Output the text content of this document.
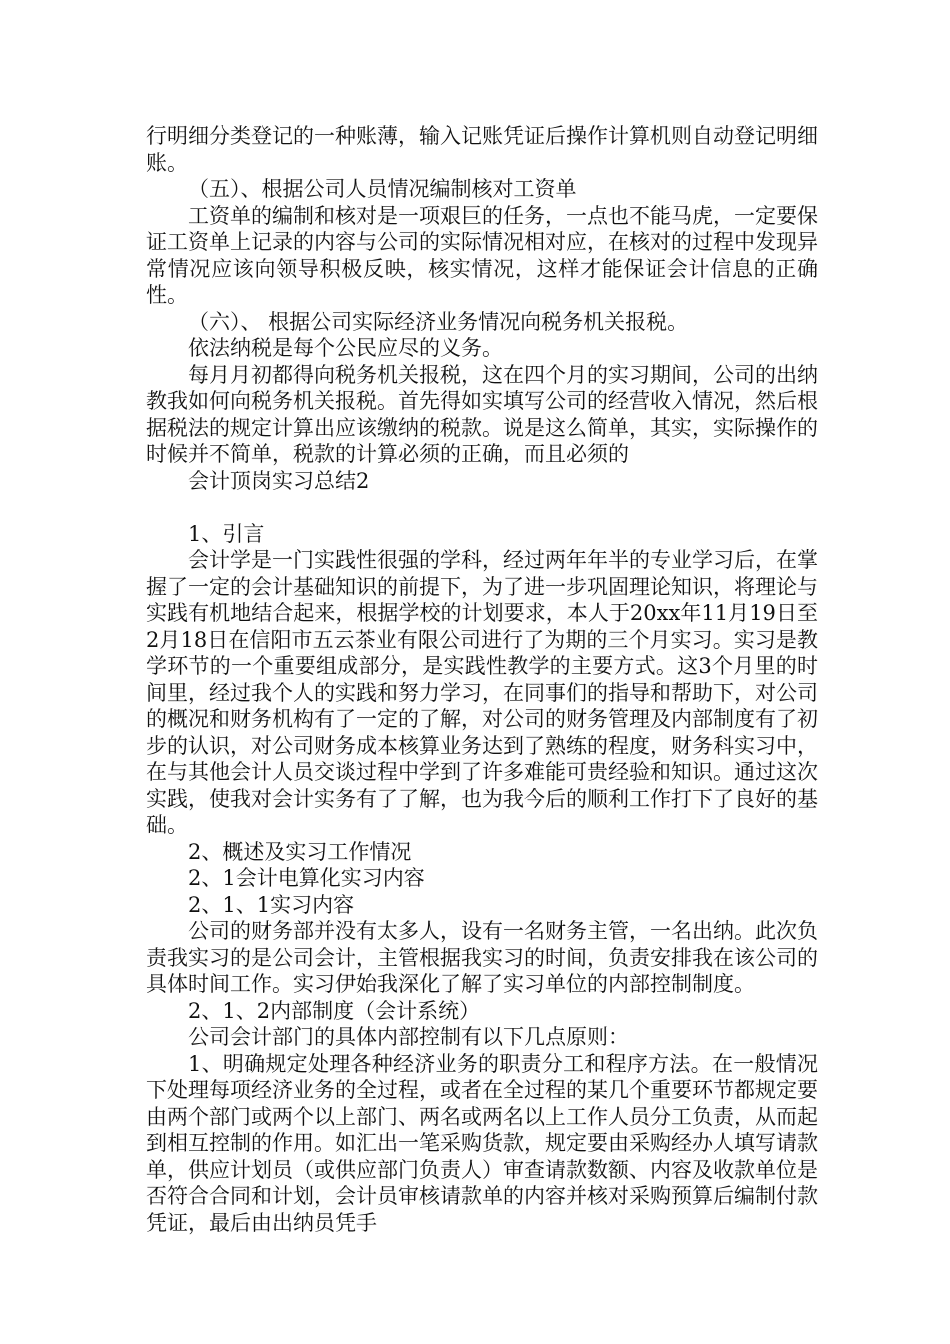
行明细分类登记的一种账薄，输入记账凭证后操作计算机则自动登记明细账。

（五）、根据公司人员情况编制核对工资单

工资单的编制和核对是一项艰巨的任务，一点也不能马虎，一定要保证工资单上记录的内容与公司的实际情况相对应，在核对的过程中发现异常情况应该向领导积极反映，核实情况，这样才能保证会计信息的正确性。

（六）、 根据公司实际经济业务情况向税务机关报税。

依法纳税是每个公民应尽的义务。

每月月初都得向税务机关报税，这在四个月的实习期间，公司的出纳教我如何向税务机关报税。首先得如实填写公司的经营收入情况，然后根据税法的规定计算出应该缴纳的税款。说是这么简单，其实，实际操作的时候并不简单，税款的计算必须的正确，而且必须的

会计顶岗实习总结2

1、引言

会计学是一门实践性很强的学科，经过两年年半的专业学习后，在掌握了一定的会计基础知识的前提下，为了进一步巩固理论知识，将理论与实践有机地结合起来，根据学校的计划要求，本人于20xx年11月19日至2月18日在信阳市五云茶业有限公司进行了为期的三个月实习。实习是教学环节的一个重要组成部分，是实践性教学的主要方式。这3个月里的时间里，经过我个人的实践和努力学习，在同事们的指导和帮助下，对公司的概况和财务机构有了一定的了解，对公司的财务管理及内部制度有了初步的认识，对公司财务成本核算业务达到了熟练的程度，财务科实习中，在与其他会计人员交谈过程中学到了许多难能可贵经验和知识。通过这次实践，使我对会计实务有了了解，也为我今后的顺利工作打下了良好的基础。

2、概述及实习工作情况

2、1会计电算化实习内容

2、1、1实习内容

公司的财务部并没有太多人，设有一名财务主管，一名出纳。此次负责我实习的是公司会计，主管根据我实习的时间，负责安排我在该公司的具体时间工作。实习伊始我深化了解了实习单位的内部控制制度。

2、1、2内部制度（会计系统）

公司会计部门的具体内部控制有以下几点原则：

1、明确规定处理各种经济业务的职责分工和程序方法。在一般情况下处理每项经济业务的全过程，或者在全过程的某几个重要环节都规定要由两个部门或两个以上部门、两名或两名以上工作人员分工负责，从而起到相互控制的作用。如汇出一笔采购货款，规定要由采购经办人填写请款单，供应计划员（或供应部门负责人）审查请款数额、内容及收款单位是否符合合同和计划，会计员审核请款单的内容并核对采购预算后编制付款凭证，最后由出纳员凭手
